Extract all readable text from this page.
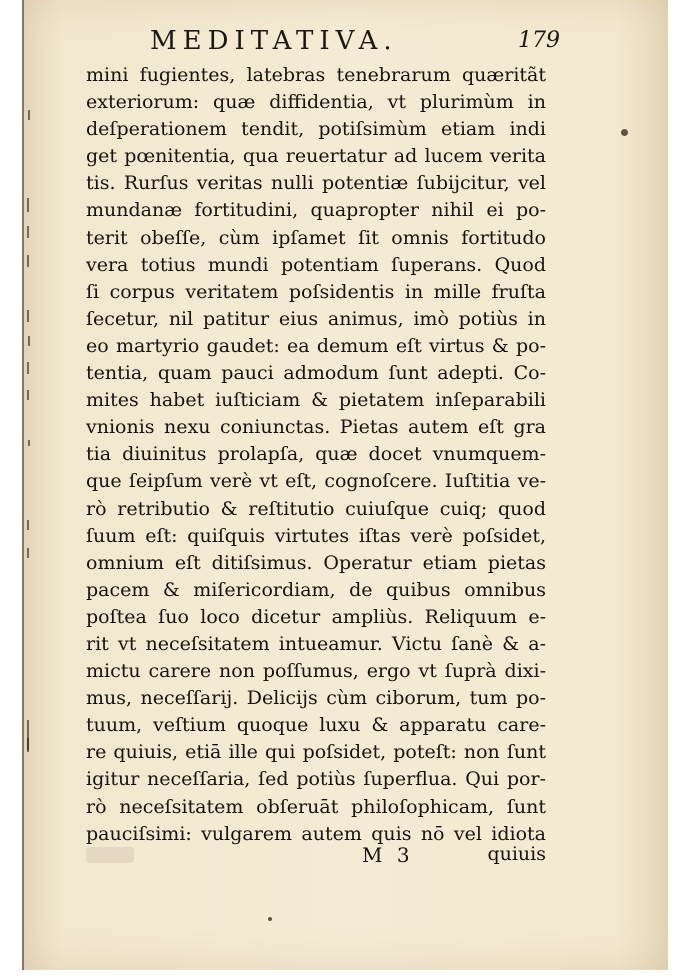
MEDITATIVA.	179
mini fugientes, latebras tenebrarum quæritãt
exteriorum: quæ diffidentia, vt plurimùm in
deſperationem tendit, potiſsimùm etiam indi
get pœnitentia, qua reuertatur ad lucem verita
tis. Rurſus veritas nulli potentiæ ſubijcitur, vel
mundanæ fortitudini, quapropter nihil ei po-
terit obeſſe, cùm ipſamet ſit omnis fortitudo
vera totius mundi potentiam ſuperans. Quod
ſi corpus veritatem poſsidentis in mille fruſta
ſecetur, nil patitur eius animus, imò potiùs in
eo martyrio gaudet: ea demum eſt virtus & po-
tentia, quam pauci admodum ſunt adepti. Co-
mites habet iuſticiam & pietatem inſeparabili
vnionis nexu coniunctas. Pietas autem eſt gra
tia diuinitus prolapſa, quæ docet vnumquem-
que ſeipſum verè vt eſt, cognoſcere. Iuſtitia ve-
rò retributio & reſtitutio cuiuſque cuiq; quod
ſuum eſt: quiſquis virtutes iſtas verè poſsidet,
omnium eſt ditiſsimus. Operatur etiam pietas
pacem & miſericordiam, de quibus omnibus
poſtea ſuo loco dicetur ampliùs. Reliquum e-
rit vt neceſsitatem intueamur. Victu ſanè & a-
mictu carere non poſſumus, ergo vt ſuprà dixi-
mus, neceſſarij. Delicijs cùm ciborum, tum po-
tuum, veſtium quoque luxu & apparatu care-
re quiuis, etiā ille qui poſsidet, poteſt: non ſunt
igitur neceſſaria, ſed potiùs ſuperflua. Qui por-
rò neceſsitatem obſeruāt philoſophicam, ſunt
pauciſsimi: vulgarem autem quis nō vel idiota
M 3	quiuis
